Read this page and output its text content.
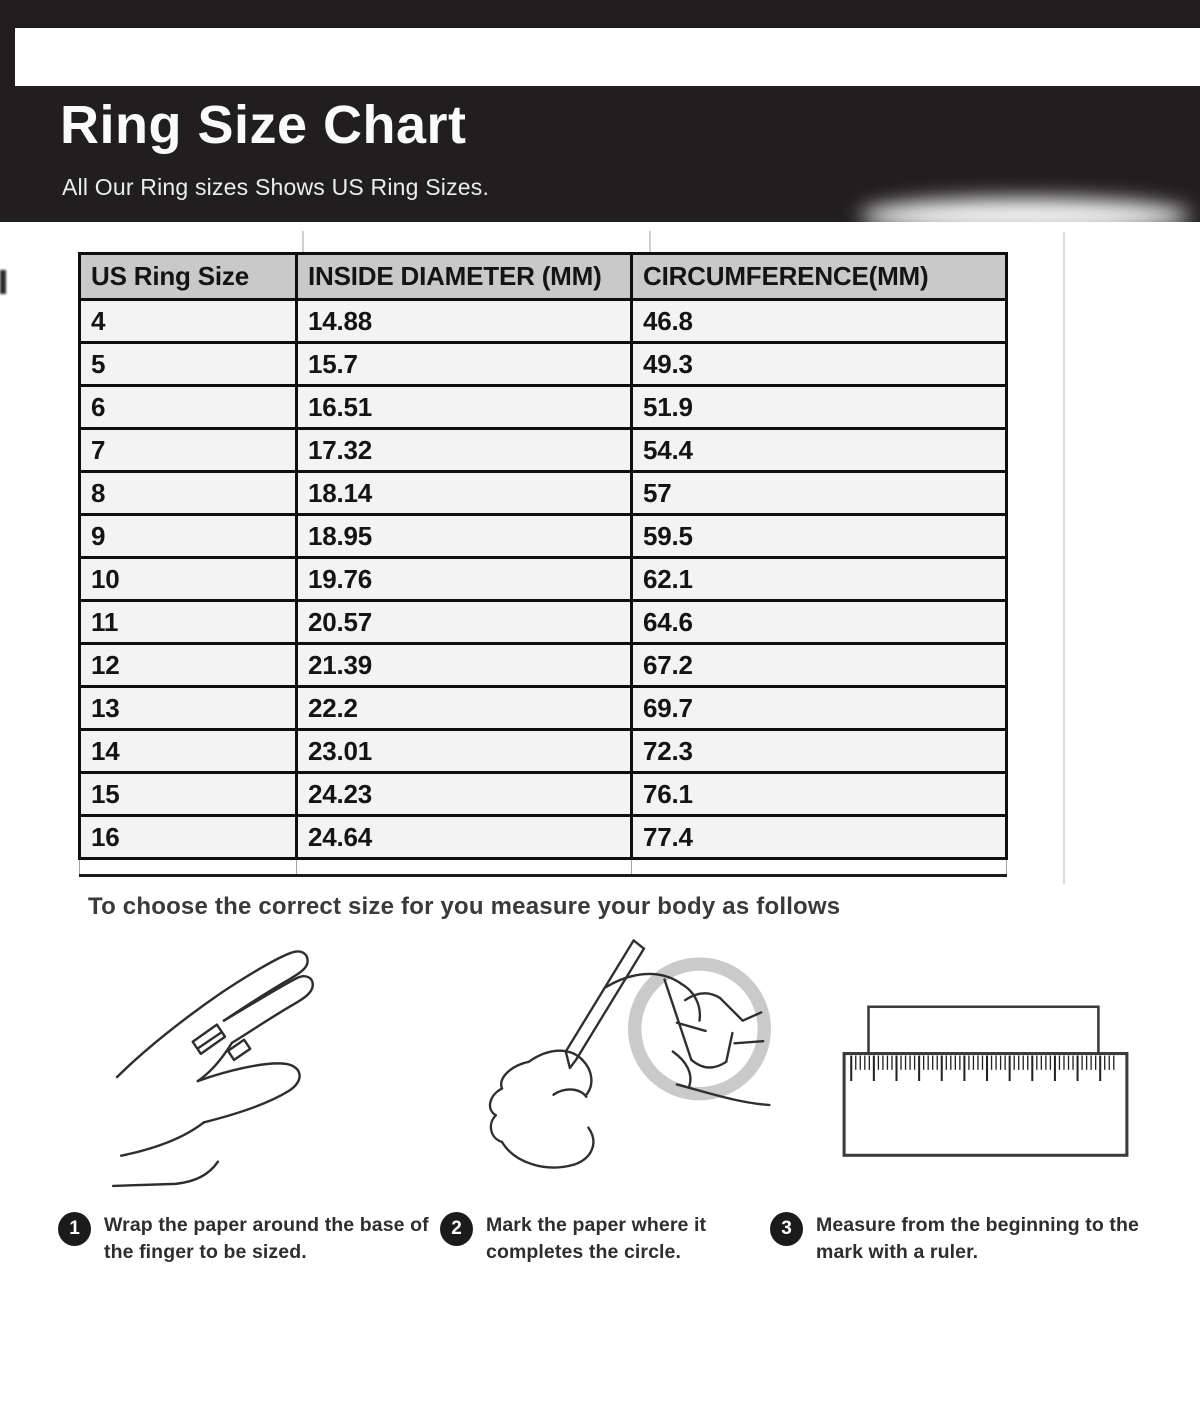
Ring Size Chart
All Our Ring sizes Shows US Ring Sizes.
US Ring Size	INSIDE DIAMETER (MM)	CIRCUMFERENCE(MM)
4	14.88	46.8
5	15.7	49.3
6	16.51	51.9
7	17.32	54.4
8	18.14	57
9	18.95	59.5
10	19.76	62.1
11	20.57	64.6
12	21.39	67.2
13	22.2	69.7
14	23.01	72.3
15	24.23	76.1
16	24.64	77.4

To choose the correct size for you measure your body as follows
1	Wrap the paper around the base of the finger to be sized.
2	Mark the paper where it completes the circle.
3	Measure from the beginning to the mark with a ruler.
